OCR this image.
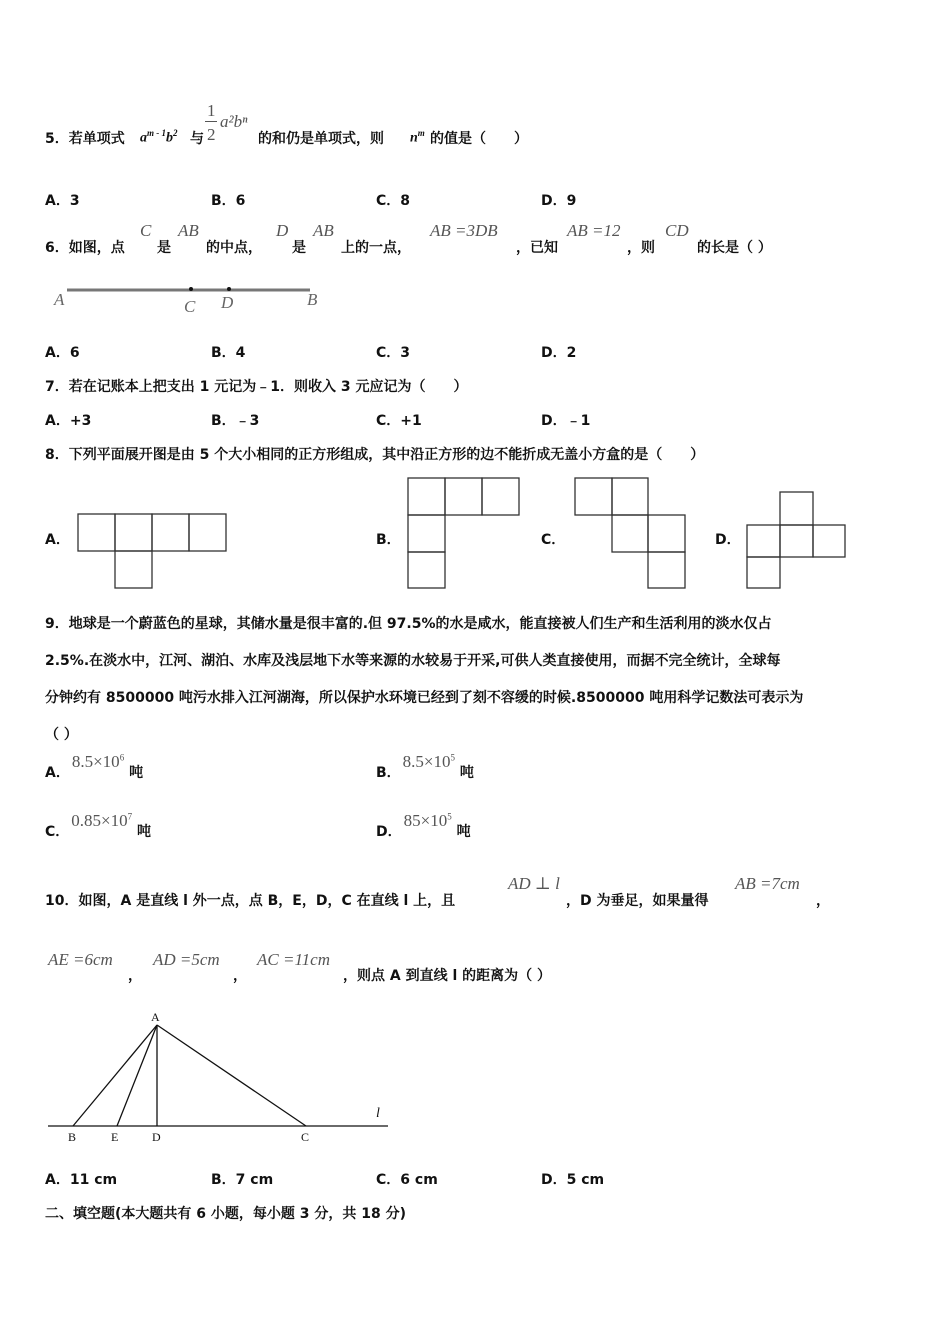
5．若单项式 $a^{m - 1}b^2$ 与
1
2
a²bⁿ
的和仍是单项式，则 $n^m$ 的值是（　　）
A．3	B．6	C．8	D．9
6．如图，点
C
是
AB
的中点，
D
是
AB
上的一点，
AB =3DB
，已知
AB =12
，则
CD
的长是（ ）
A	C D	B
A．6	B．4	C．3	D．2
7．若在记账本上把支出 1 元记为﹣1．则收入 3 元应记为（　　）
A．+3	B．﹣3	C．+1	D．﹣1
8．下列平面展开图是由 5 个大小相同的正方形组成，其中沿正方形的边不能折成无盖小方盒的是（　　）
A．	B．	C．	D．
9．地球是一个蔚蓝色的星球，其储水量是很丰富的.但 97.5%的水是咸水，能直接被人们生产和生活利用的淡水仅占
2.5%.在淡水中，江河、湖泊、水库及浅层地下水等来源的水较易于开采,可供人类直接使用，而据不完全统计，全球每
分钟约有 8500000 吨污水排入江河湖海，所以保护水环境已经到了刻不容缓的时候.8500000 吨用科学记数法可表示为
（ ）
A．$8.5\times 10^6$ 吨	B．$8.5\times 10^5$ 吨
C．$0.85\times 10^7$ 吨	D．$85\times 10^5$ 吨
10．如图，A 是直线 l 外一点，点 B，E，D，C 在直线 l 上，且
AD ⊥ l
，D 为垂足，如果量得
AB =7cm
，
AE =6cm
，
AD =5cm
，
AC =11cm
，则点 A 到直线 l 的距离为（ ）
A
B	E	D	C
l
A．11 cm	B．7 cm	C．6 cm	D．5 cm
二、填空题(本大题共有 6 小题，每小题 3 分，共 18 分)
